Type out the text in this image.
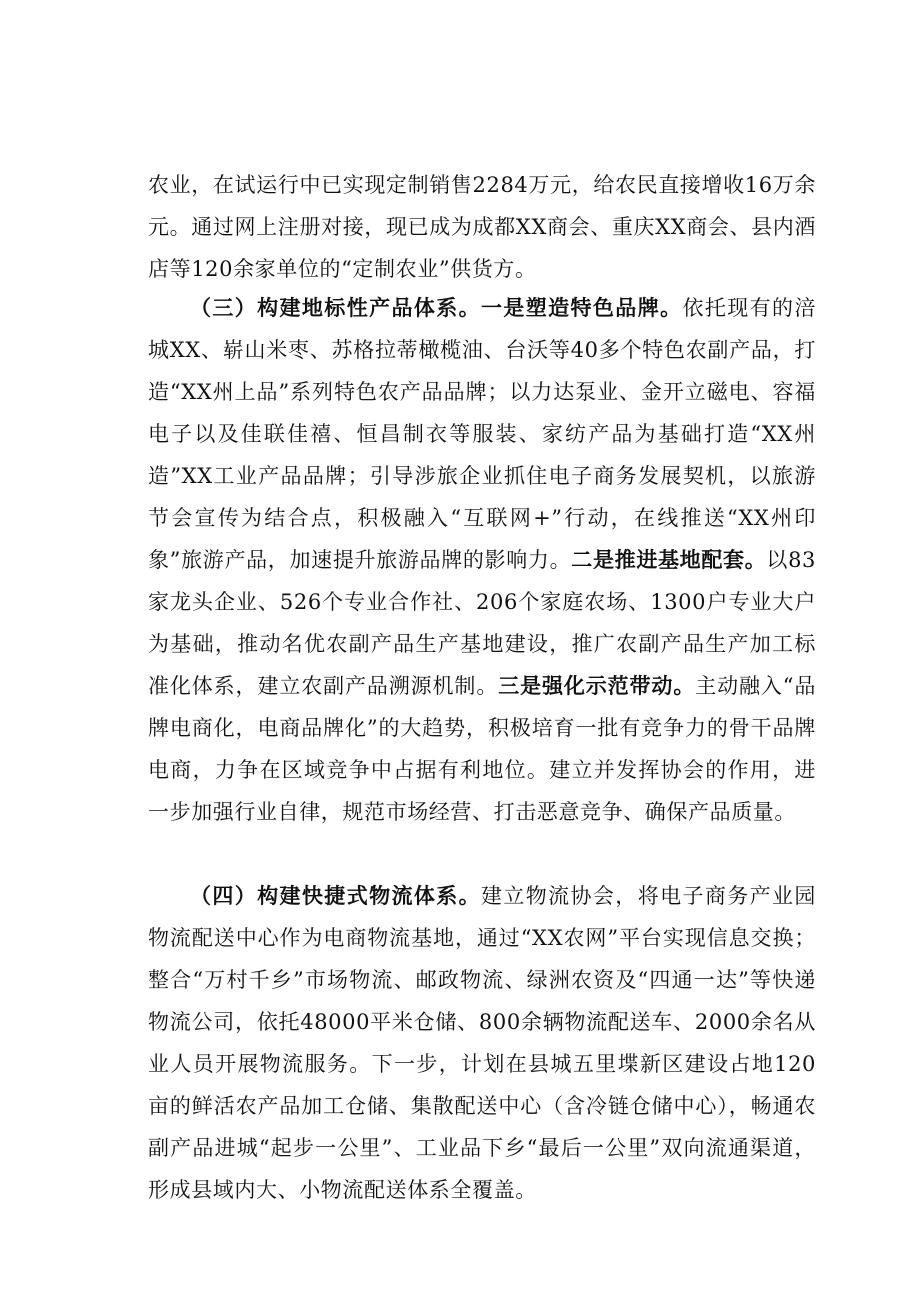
农业，在试运行中已实现定制销售2284万元，给农民直接增收16万余元。通过网上注册对接，现已成为成都XX商会、重庆XX商会、县内酒店等120余家单位的“定制农业”供货方。

（三）构建地标性产品体系。一是塑造特色品牌。依托现有的涪城XX、崭山米枣、苏格拉蒂橄榄油、台沃等40多个特色农副产品，打造“XX州上品”系列特色农产品品牌；以力达泵业、金开立磁电、容福电子以及佳联佳禧、恒昌制衣等服装、家纺产品为基础打造“XX州造”XX工业产品品牌；引导涉旅企业抓住电子商务发展契机，以旅游节会宣传为结合点，积极融入“互联网+”行动，在线推送“XX州印象”旅游产品，加速提升旅游品牌的影响力。二是推进基地配套。以83家龙头企业、526个专业合作社、206个家庭农场、1300户专业大户为基础，推动名优农副产品生产基地建设，推广农副产品生产加工标准化体系，建立农副产品溯源机制。三是强化示范带动。主动融入“品牌电商化，电商品牌化”的大趋势，积极培育一批有竞争力的骨干品牌电商，力争在区域竞争中占据有利地位。建立并发挥协会的作用，进一步加强行业自律，规范市场经营、打击恶意竞争、确保产品质量。

（四）构建快捷式物流体系。建立物流协会，将电子商务产业园物流配送中心作为电商物流基地，通过“XX农网”平台实现信息交换；整合“万村千乡”市场物流、邮政物流、绿洲农资及“四通一达”等快递物流公司，依托48000平米仓储、800余辆物流配送车、2000余名从业人员开展物流服务。下一步，计划在县城五里堞新区建设占地120亩的鲜活农产品加工仓储、集散配送中心（含冷链仓储中心），畅通农副产品进城“起步一公里”、工业品下乡“最后一公里”双向流通渠道，形成县域内大、小物流配送体系全覆盖。
